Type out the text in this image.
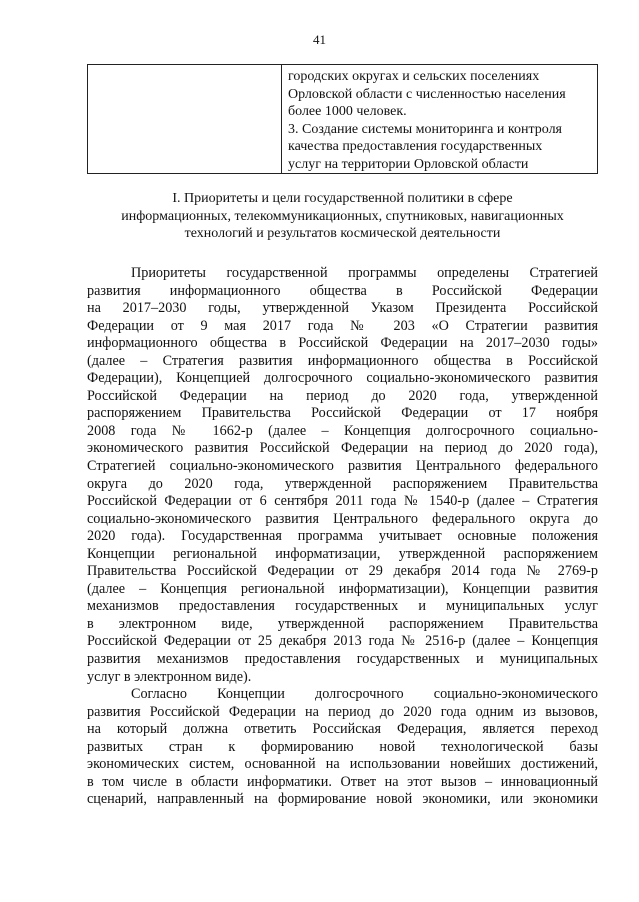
41
городских округах и сельских поселениях
Орловской области с численностью населения
более 1000 человек.
3. Создание системы мониторинга и контроля
качества предоставления государственных
услуг на территории Орловской области
I. Приоритеты и цели государственной политики в сфере
информационных, телекоммуникационных, спутниковых, навигационных
технологий и результатов космической деятельности
Приоритеты государственной программы определены Стратегией
развития информационного общества в Российской Федерации
на 2017–2030 годы, утвержденной Указом Президента Российской
Федерации от 9 мая 2017 года № 203 «О Стратегии развития
информационного общества в Российской Федерации на 2017–2030 годы»
(далее – Стратегия развития информационного общества в Российской
Федерации), Концепцией долгосрочного социально-экономического развития
Российской Федерации на период до 2020 года, утвержденной
распоряжением Правительства Российской Федерации от 17 ноября
2008 года № 1662-р (далее – Концепция долгосрочного социально-
экономического развития Российской Федерации на период до 2020 года),
Стратегией социально-экономического развития Центрального федерального
округа до 2020 года, утвержденной распоряжением Правительства
Российской Федерации от 6 сентября 2011 года № 1540-р (далее – Стратегия
социально-экономического развития Центрального федерального округа до
2020 года). Государственная программа учитывает основные положения
Концепции региональной информатизации, утвержденной распоряжением
Правительства Российской Федерации от 29 декабря 2014 года № 2769-р
(далее – Концепция региональной информатизации), Концепции развития
механизмов предоставления государственных и муниципальных услуг
в электронном виде, утвержденной распоряжением Правительства
Российской Федерации от 25 декабря 2013 года № 2516-р (далее – Концепция
развития механизмов предоставления государственных и муниципальных
услуг в электронном виде).
Согласно Концепции долгосрочного социально-экономического
развития Российской Федерации на период до 2020 года одним из вызовов,
на который должна ответить Российская Федерация, является переход
развитых стран к формированию новой технологической базы
экономических систем, основанной на использовании новейших достижений,
в том числе в области информатики. Ответ на этот вызов – инновационный
сценарий, направленный на формирование новой экономики, или экономики
